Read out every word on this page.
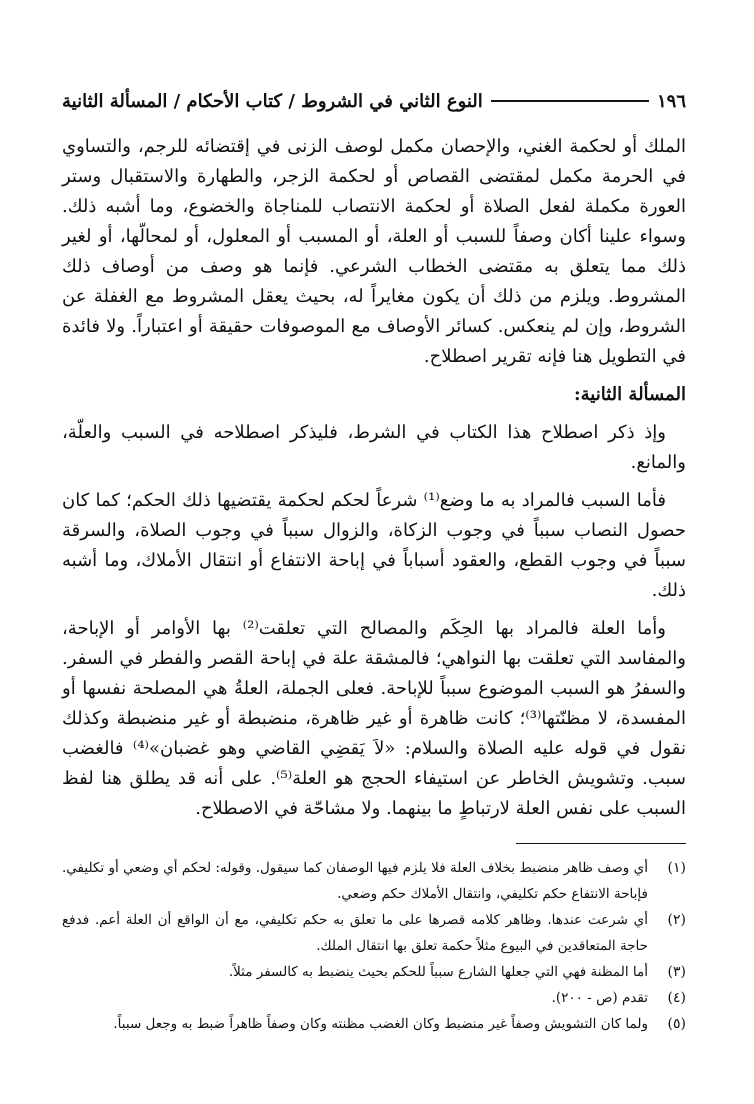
١٩٦
النوع الثاني في الشروط / كتاب الأحكام / المسألة الثانية

الملك أو لحكمة الغني، والإحصان مكمل لوصف الزنى في إقتضائه للرجم، والتساوي في الحرمة مكمل لمقتضى القصاص أو لحكمة الزجر، والطهارة والاستقبال وستر العورة مكملة لفعل الصلاة أو لحكمة الانتصاب للمناجاة والخضوع، وما أشبه ذلك. وسواء علينا أكان وصفاً للسبب أو العلة، أو المسبب أو المعلول، أو لمحالّها، أو لغير ذلك مما يتعلق به مقتضى الخطاب الشرعي. فإنما هو وصف من أوصاف ذلك المشروط. ويلزم من ذلك أن يكون مغايراً له، بحيث يعقل المشروط مع الغفلة عن الشروط، وإن لم ينعكس. كسائر الأوصاف مع الموصوفات حقيقة أو اعتباراً. ولا فائدة في التطويل هنا فإنه تقرير اصطلاح.

المسألة الثانية:

وإذ ذكر اصطلاح هذا الكتاب في الشرط، فليذكر اصطلاحه في السبب والعلّة، والمانع.

فأما السبب فالمراد به ما وضع⁽¹⁾ شرعاً لحكم لحكمة يقتضيها ذلك الحكم؛ كما كان حصول النصاب سبباً في وجوب الزكاة، والزوال سبباً في وجوب الصلاة، والسرقة سبباً في وجوب القطع، والعقود أسباباً في إباحة الانتفاع أو انتقال الأملاك، وما أشبه ذلك.

وأما العلة فالمراد بها الحِكَم والمصالح التي تعلقت⁽²⁾ بها الأوامر أو الإباحة، والمفاسد التي تعلقت بها النواهي؛ فالمشقة علة في إباحة القصر والفطر في السفر. والسفرُ هو السبب الموضوع سبباً للإباحة. فعلى الجملة، العلةُ هي المصلحة نفسها أو المفسدة، لا مظنّتها⁽³⁾؛ كانت ظاهرة أو غير ظاهرة، منضبطة أو غير منضبطة وكذلك نقول في قوله عليه الصلاة والسلام: «لاَ يَقضِي القاضي وهو غضبان»⁽⁴⁾ فالغضب سبب. وتشويش الخاطر عن استيفاء الحجج هو العلة⁽⁵⁾. على أنه قد يطلق هنا لفظ السبب على نفس العلة لارتباطٍ ما بينهما. ولا مشاحّة في الاصطلاح.

(١)
أي وصف ظاهر منضبط بخلاف العلة فلا يلزم فيها الوصفان كما سيقول. وقوله: لحكم أي وضعي أو تكليفي. فإباحة الانتفاع حكم تكليفي، وانتقال الأملاك حكم وضعي.
(٢)
أي شرعت عندها. وظاهر كلامه قصرها على ما تعلق به حكم تكليفي، مع أن الواقع أن العلة أعم. فدفع حاجة المتعاقدين في البيوع مثلاً حكمة تعلق بها انتقال الملك.
(٣)
أما المظنة فهي التي جعلها الشارع سبباً للحكم بحيث ينضبط به كالسفر مثلاً.
(٤)
تقدم (ص - ٢٠٠).
(٥)
ولما كان التشويش وصفاً غير منضبط وكان الغضب مظنته وكان وصفاً ظاهراً ضبط به وجعل سبباً.
